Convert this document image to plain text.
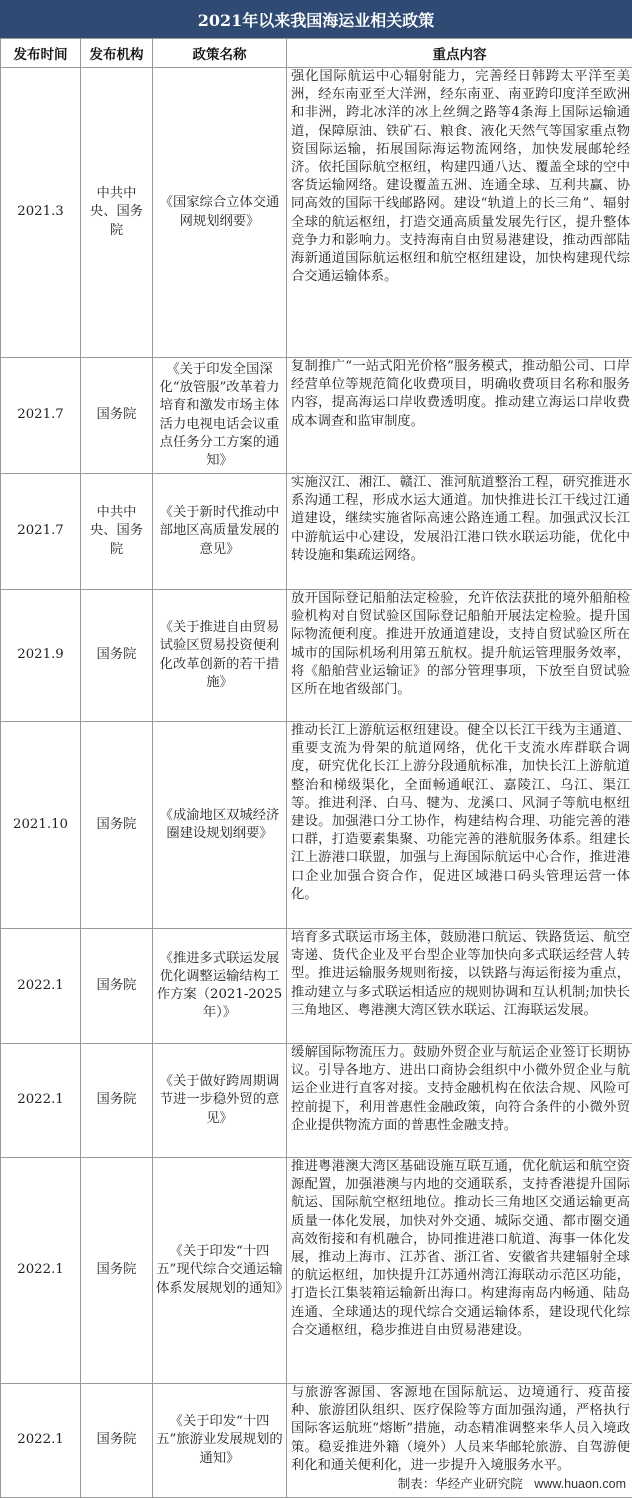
2021年以来我国海运业相关政策
发布时间	发布机构	政策名称	重点内容
2021.3	中共中央、国务院	《国家综合立体交通网规划纲要》	强化国际航运中心辐射能力，完善经日韩跨太平洋至美洲，经东南亚至大洋洲，经东南亚、南亚跨印度洋至欧洲和非洲，跨北冰洋的冰上丝绸之路等4条海上国际运输通道，保障原油、铁矿石、粮食、液化天然气等国家重点物资国际运输，拓展国际海运物流网络，加快发展邮轮经济。依托国际航空枢纽，构建四通八达、覆盖全球的空中客货运输网络。建设覆盖五洲、连通全球、互利共赢、协同高效的国际干线邮路网。建设“轨道上的长三角”、辐射全球的航运枢纽，打造交通高质量发展先行区，提升整体竞争力和影响力。支持海南自由贸易港建设，推动西部陆海新通道国际航运枢纽和航空枢纽建设，加快构建现代综合交通运输体系。
2021.7	国务院	《关于印发全国深化“放管服”改革着力培育和激发市场主体活力电视电话会议重点任务分工方案的通知》	复制推广“一站式阳光价格”服务模式，推动船公司、口岸经营单位等规范简化收费项目，明确收费项目名称和服务内容，提高海运口岸收费透明度。推动建立海运口岸收费成本调查和监审制度。
2021.7	中共中央、国务院	《关于新时代推动中部地区高质量发展的意见》	实施汉江、湘江、赣江、淮河航道整治工程，研究推进水系沟通工程，形成水运大通道。加快推进长江干线过江通道建设，继续实施省际高速公路连通工程。加强武汉长江中游航运中心建设，发展沿江港口铁水联运功能，优化中转设施和集疏运网络。
2021.9	国务院	《关于推进自由贸易试验区贸易投资便利化改革创新的若干措施》	放开国际登记船舶法定检验，允许依法获批的境外船舶检验机构对自贸试验区国际登记船舶开展法定检验。提升国际物流便利度。推进开放通道建设，支持自贸试验区所在城市的国际机场利用第五航权。提升航运管理服务效率，将《船舶营业运输证》的部分管理事项，下放至自贸试验区所在地省级部门。
2021.10	国务院	《成渝地区双城经济圈建设规划纲要》	推动长江上游航运枢纽建设。健全以长江干线为主通道、重要支流为骨架的航道网络，优化干支流水库群联合调度，研究优化长江上游分段通航标准，加快长江上游航道整治和梯级渠化，全面畅通岷江、嘉陵江、乌江、渠江等。推进利泽、白马、犍为、龙溪口、风洞子等航电枢纽建设。加强港口分工协作，构建结构合理、功能完善的港口群，打造要素集聚、功能完善的港航服务体系。组建长江上游港口联盟，加强与上海国际航运中心合作，推进港口企业加强合资合作，促进区域港口码头管理运营一体化。
2022.1	国务院	《推进多式联运发展优化调整运输结构工作方案（2021-2025年）》	培育多式联运市场主体，鼓励港口航运、铁路货运、航空寄递、货代企业及平台型企业等加快向多式联运经营人转型。推进运输服务规则衔接，以铁路与海运衔接为重点，推动建立与多式联运相适应的规则协调和互认机制;加快长三角地区、粤港澳大湾区铁水联运、江海联运发展。
2022.1	国务院	《关于做好跨周期调节进一步稳外贸的意见》	缓解国际物流压力。鼓励外贸企业与航运企业签订长期协议。引导各地方、进出口商协会组织中小微外贸企业与航运企业进行直客对接。支持金融机构在依法合规、风险可控前提下，利用普惠性金融政策，向符合条件的小微外贸企业提供物流方面的普惠性金融支持。
2022.1	国务院	《关于印发“十四五”现代综合交通运输体系发展规划的通知》	推进粤港澳大湾区基础设施互联互通，优化航运和航空资源配置，加强港澳与内地的交通联系，支持香港提升国际航运、国际航空枢纽地位。推动长三角地区交通运输更高质量一体化发展，加快对外交通、城际交通、都市圈交通高效衔接和有机融合，协同推进港口航道、海事一体化发展，推动上海市、江苏省、浙江省、安徽省共建辐射全球的航运枢纽，加快提升江苏通州湾江海联动示范区功能，打造长江集装箱运输新出海口。构建海南岛内畅通、陆岛连通、全球通达的现代综合交通运输体系，建设现代化综合交通枢纽，稳步推进自由贸易港建设。
2022.1	国务院	《关于印发“十四五”旅游业发展规划的通知》	与旅游客源国、客源地在国际航运、边境通行、疫苗接种、旅游团队组织、医疗保险等方面加强沟通，严格执行国际客运航班“熔断”措施，动态精准调整来华人员入境政策。稳妥推进外籍（境外）人员来华邮轮旅游、自驾游便利化和通关便利化，进一步提升入境服务水平。
制表：华经产业研究院 www.huaon.com
